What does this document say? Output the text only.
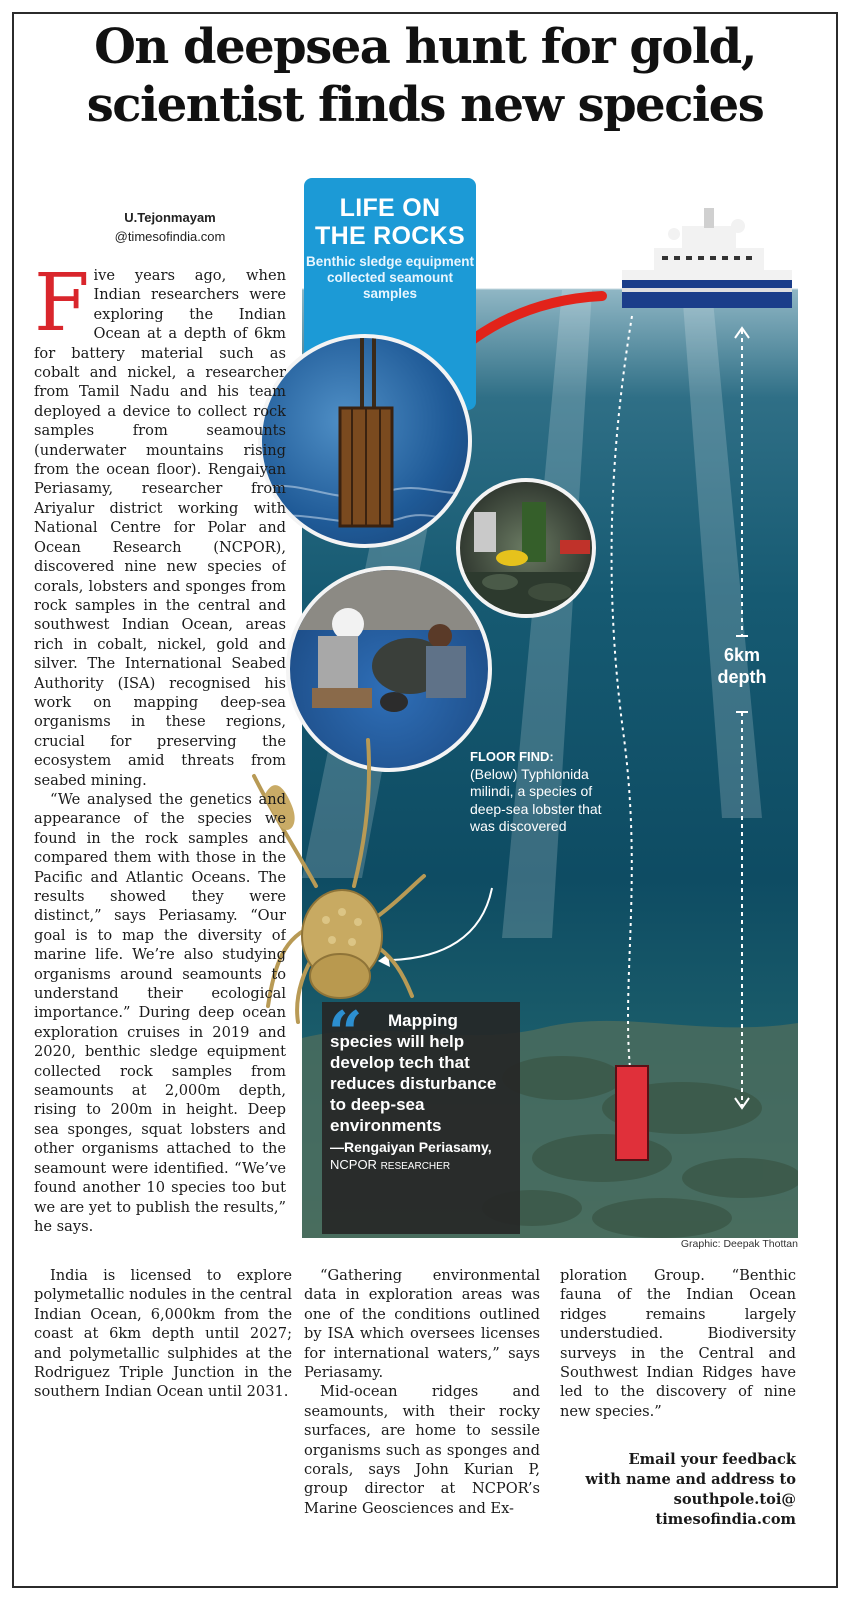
On deepsea hunt for gold,
scientist finds new species
U.Tejonmayam
@timesofindia.com
LIFE ON
THE ROCKS
Benthic sledge equipment collected seamount samples
6km
depth
FLOOR FIND:
(Below) Typhlonida milindi, a species of deep-sea lobster that was discovered
“	Mapping
species will help develop tech that reduces disturbance to deep-sea environments
—Rengaiyan Periasamy,
NCPOR RESEARCHER
Graphic: Deepak Thottan

Five years ago, when Indian researchers were exploring the Indian Ocean at a depth of 6km for battery material such as cobalt and nickel, a researcher from Tamil Nadu and his team deployed a device to collect rock samples from seamounts (underwater mountains rising from the ocean floor). Rengaiyan Periasamy, researcher from Ariyalur district working with National Centre for Polar and Ocean Research (NCPOR), discovered nine new species of corals, lobsters and sponges from rock samples in the central and southwest Indian Ocean, areas rich in cobalt, nickel, gold and silver. The International Seabed Authority (ISA) recognised his work on mapping deep-sea organisms in these regions, crucial for preserving the ecosystem amid threats from seabed mining.

“We analysed the genetics and appearance of the species we found in the rock samples and compared them with those in the Pacific and Atlantic Oceans. The results showed they were distinct,” says Periasamy. “Our goal is to map the diversity of marine life. We’re also studying organisms around seamounts to understand their ecological importance.” During deep ocean exploration cruises in 2019 and 2020, benthic sledge equipment collected rock samples from seamounts at 2,000m depth, rising to 200m in height. Deep sea sponges, squat lobsters and other organisms attached to the seamount were identified. “We’ve found another 10 species too but we are yet to publish the results,” he says.

India is licensed to explore polymetallic nodules in the central Indian Ocean, 6,000km from the coast at 6km depth until 2027; and polymetallic sulphides at the Rodriguez Triple Junction in the southern Indian Ocean until 2031.

“Gathering environmental data in exploration areas was one of the conditions outlined by ISA which oversees licenses for international waters,” says Periasamy.

Mid-ocean ridges and seamounts, with their rocky surfaces, are home to sessile organisms such as sponges and corals, says John Kurian P, group director at NCPOR’s Marine Geosciences and Ex-

ploration Group. “Benthic fauna of the Indian Ocean ridges remains largely understudied. Biodiversity surveys in the Central and Southwest Indian Ridges have led to the discovery of nine new species.”

Email your feedback
with name and address to
southpole.toi@
timesofindia.com
